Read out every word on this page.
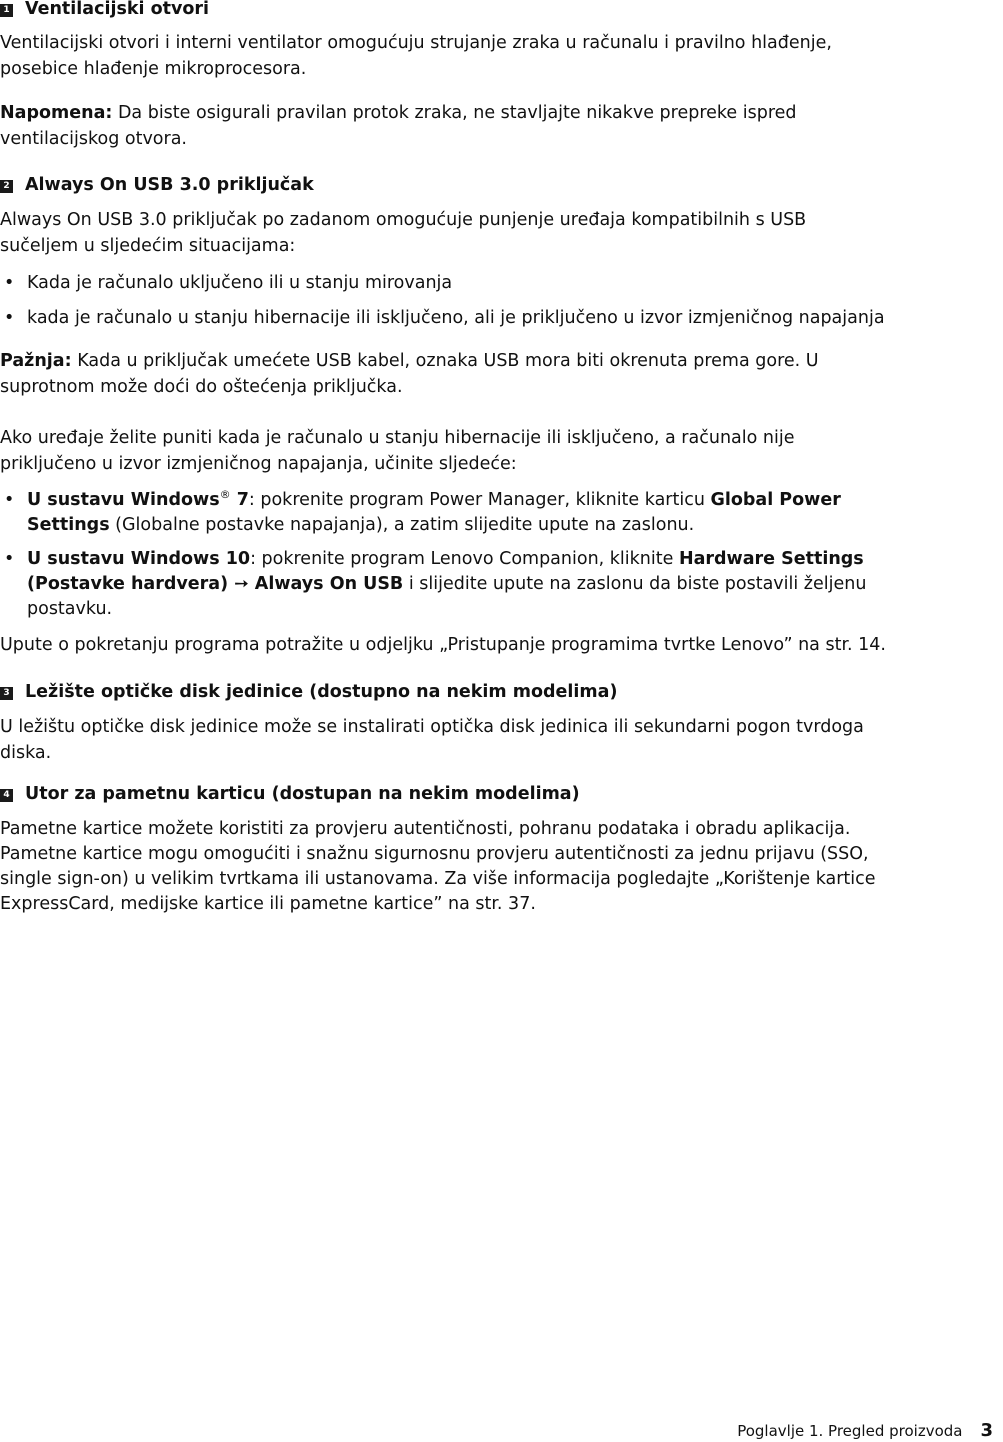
1 Ventilacijski otvori
Ventilacijski otvori i interni ventilator omogućuju strujanje zraka u računalu i pravilno hlađenje,
posebice hlađenje mikroprocesora.
Napomena: Da biste osigurali pravilan protok zraka, ne stavljajte nikakve prepreke ispred
ventilacijskog otvora.
2 Always On USB 3.0 priključak
Always On USB 3.0 priključak po zadanom omogućuje punjenje uređaja kompatibilnih s USB
sučeljem u sljedećim situacijama:
• Kada je računalo uključeno ili u stanju mirovanja
• kada je računalo u stanju hibernacije ili isključeno, ali je priključeno u izvor izmjeničnog napajanja
Pažnja: Kada u priključak umećete USB kabel, oznaka USB mora biti okrenuta prema gore. U
suprotnom može doći do oštećenja priključka.
Ako uređaje želite puniti kada je računalo u stanju hibernacije ili isključeno, a računalo nije
priključeno u izvor izmjeničnog napajanja, učinite sljedeće:
• U sustavu Windows® 7: pokrenite program Power Manager, kliknite karticu Global Power
Settings (Globalne postavke napajanja), a zatim slijedite upute na zaslonu.
• U sustavu Windows 10: pokrenite program Lenovo Companion, kliknite Hardware Settings
(Postavke hardvera) ➙ Always On USB i slijedite upute na zaslonu da biste postavili željenu
postavku.
Upute o pokretanju programa potražite u odjeljku „Pristupanje programima tvrtke Lenovo” na str. 14.
3 Ležište optičke disk jedinice (dostupno na nekim modelima)
U ležištu optičke disk jedinice može se instalirati optička disk jedinica ili sekundarni pogon tvrdoga
diska.
4 Utor za pametnu karticu (dostupan na nekim modelima)
Pametne kartice možete koristiti za provjeru autentičnosti, pohranu podataka i obradu aplikacija.
Pametne kartice mogu omogućiti i snažnu sigurnosnu provjeru autentičnosti za jednu prijavu (SSO,
single sign-on) u velikim tvrtkama ili ustanovama. Za više informacija pogledajte „Korištenje kartice
ExpressCard, medijske kartice ili pametne kartice” na str. 37.
Poglavlje 1. Pregled proizvoda 3
